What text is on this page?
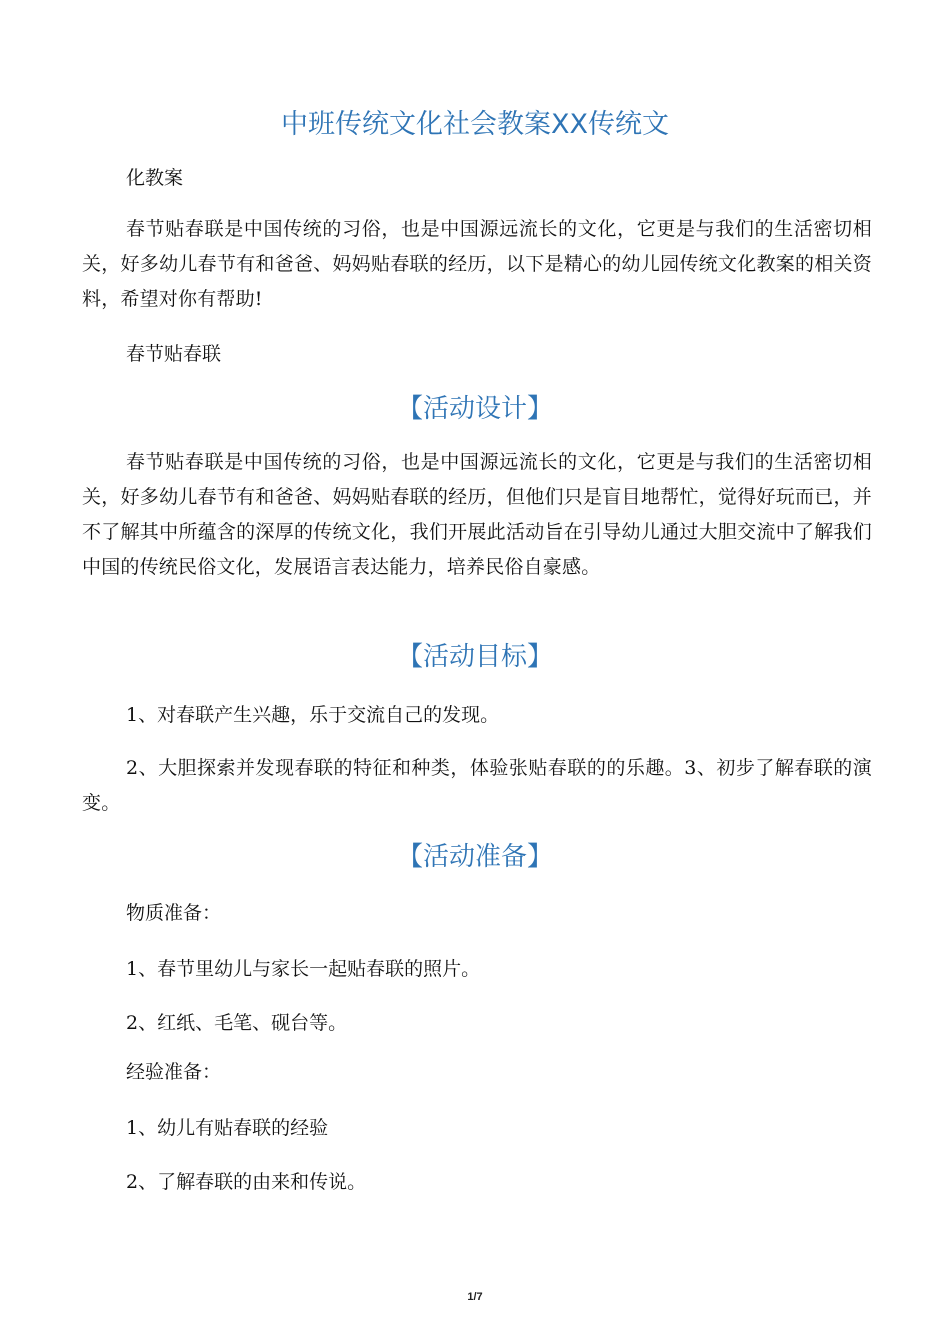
中班传统文化社会教案XX传统文

化教案

春节贴春联是中国传统的习俗，也是中国源远流长的文化，它更是与我们的生活密切相关，好多幼儿春节有和爸爸、妈妈贴春联的经历，以下是精心的幼儿园传统文化教案的相关资料，希望对你有帮助!

春节贴春联

【活动设计】

春节贴春联是中国传统的习俗，也是中国源远流长的文化，它更是与我们的生活密切相关，好多幼儿春节有和爸爸、妈妈贴春联的经历，但他们只是盲目地帮忙，觉得好玩而已，并不了解其中所蕴含的深厚的传统文化，我们开展此活动旨在引导幼儿通过大胆交流中了解我们中国的传统民俗文化，发展语言表达能力，培养民俗自豪感。

【活动目标】

1、对春联产生兴趣，乐于交流自己的发现。

2、大胆探索并发现春联的特征和种类，体验张贴春联的的乐趣。3、初步了解春联的演变。

【活动准备】

物质准备：

1、春节里幼儿与家长一起贴春联的照片。

2、红纸、毛笔、砚台等。

经验准备：

1、幼儿有贴春联的经验

2、了解春联的由来和传说。

1/7
